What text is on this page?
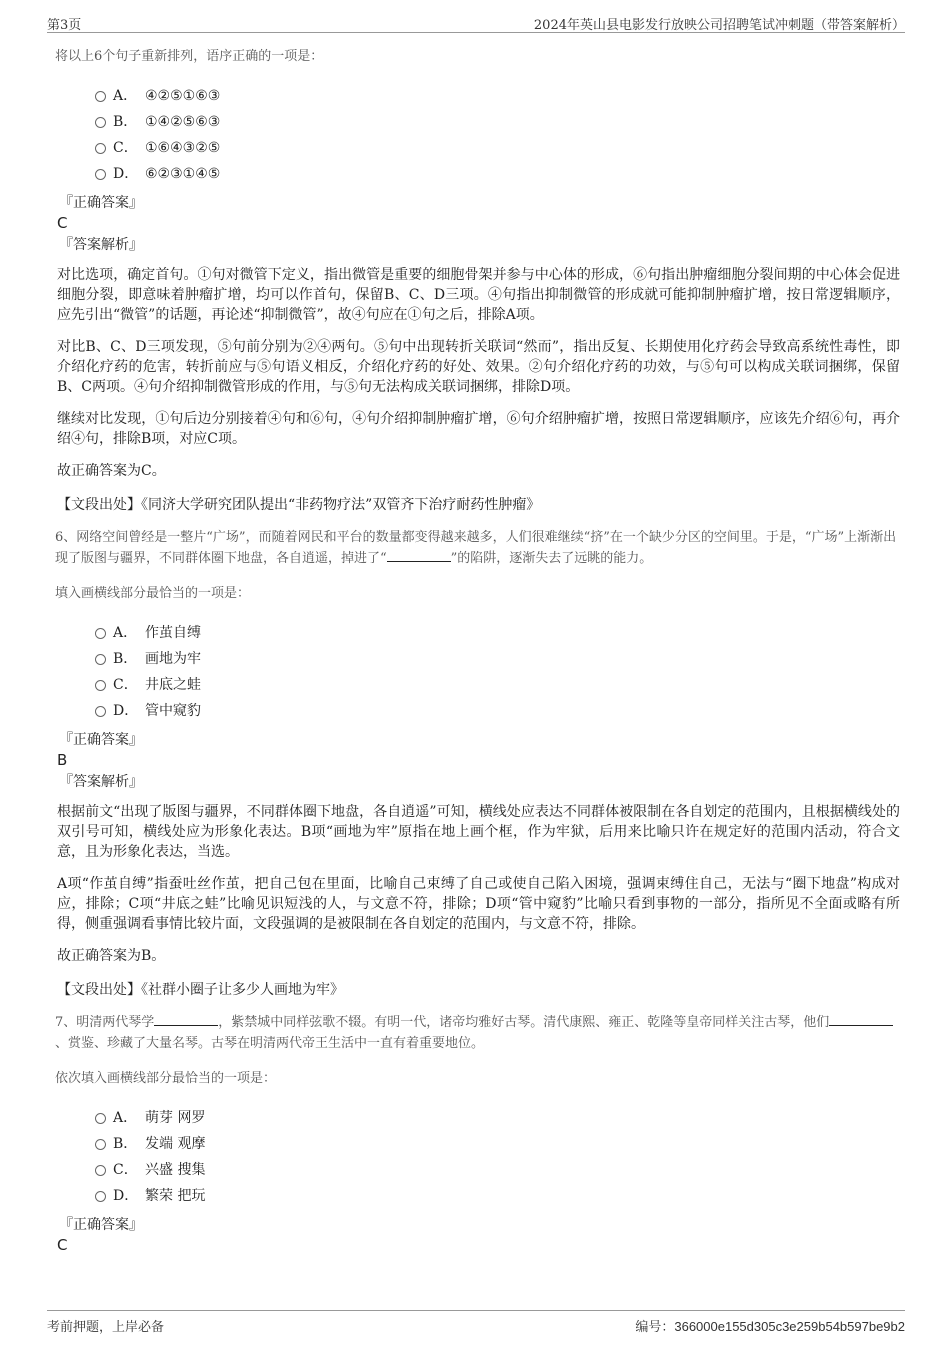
第3页	2024年英山县电影发行放映公司招聘笔试冲刺题（带答案解析）

将以上6个句子重新排列，语序正确的一项是：

A． ④②⑤①⑥③
B． ①④②⑤⑥③
C． ①⑥④③②⑤
D． ⑥②③①④⑤
『正确答案』
C
『答案解析』

对比选项，确定首句。①句对微管下定义，指出微管是重要的细胞骨架并参与中心体的形成，⑥句指出肿瘤细胞分裂间期的中心体会促进细胞分裂，即意味着肿瘤扩增，均可以作首句，保留B、C、D三项。④句指出抑制微管的形成就可能抑制肿瘤扩增，按日常逻辑顺序，应先引出“微管”的话题，再论述“抑制微管”，故④句应在①句之后，排除A项。

对比B、C、D三项发现，⑤句前分别为②④两句。⑤句中出现转折关联词“然而”，指出反复、长期使用化疗药会导致高系统性毒性，即介绍化疗药的危害，转折前应与⑤句语义相反，介绍化疗药的好处、效果。②句介绍化疗药的功效，与⑤句可以构成关联词捆绑，保留B、C两项。④句介绍抑制微管形成的作用，与⑤句无法构成关联词捆绑，排除D项。

继续对比发现，①句后边分别接着④句和⑥句，④句介绍抑制肿瘤扩增，⑥句介绍肿瘤扩增，按照日常逻辑顺序，应该先介绍⑥句，再介绍④句，排除B项，对应C项。

故正确答案为C。

【文段出处】《同济大学研究团队提出“非药物疗法”双管齐下治疗耐药性肿瘤》

6、网络空间曾经是一整片“广场”，而随着网民和平台的数量都变得越来越多，人们很难继续“挤”在一个缺少分区的空间里。于是，“广场”上渐渐出现了版图与疆界，不同群体圈下地盘，各自逍遥，掉进了“	”的陷阱，逐渐失去了远眺的能力。

填入画横线部分最恰当的一项是：

A． 作茧自缚
B． 画地为牢
C． 井底之蛙
D． 管中窥豹
『正确答案』
B
『答案解析』

根据前文“出现了版图与疆界，不同群体圈下地盘，各自逍遥”可知，横线处应表达不同群体被限制在各自划定的范围内，且根据横线处的双引号可知，横线处应为形象化表达。B项“画地为牢”原指在地上画个框，作为牢狱，后用来比喻只许在规定好的范围内活动，符合文意，且为形象化表达，当选。

A项“作茧自缚”指蚕吐丝作茧，把自己包在里面，比喻自己束缚了自己或使自己陷入困境，强调束缚住自己，无法与“圈下地盘”构成对应，排除；C项“井底之蛙”比喻见识短浅的人，与文意不符，排除；D项“管中窥豹”比喻只看到事物的一部分，指所见不全面或略有所得，侧重强调看事情比较片面，文段强调的是被限制在各自划定的范围内，与文意不符，排除。

故正确答案为B。

【文段出处】《社群小圈子让多少人画地为牢》

7、明清两代琴学	，紫禁城中同样弦歌不辍。有明一代，诸帝均雅好古琴。清代康熙、雍正、乾隆等皇帝同样关注古琴，他们、赏鉴、珍藏了大量名琴。古琴在明清两代帝王生活中一直有着重要地位。

依次填入画横线部分最恰当的一项是：

A． 萌芽 网罗
B． 发端 观摩
C． 兴盛 搜集
D． 繁荣 把玩
『正确答案』
C
考前押题，上岸必备	编号：366000e155d305c3e259b54b597be9b2
